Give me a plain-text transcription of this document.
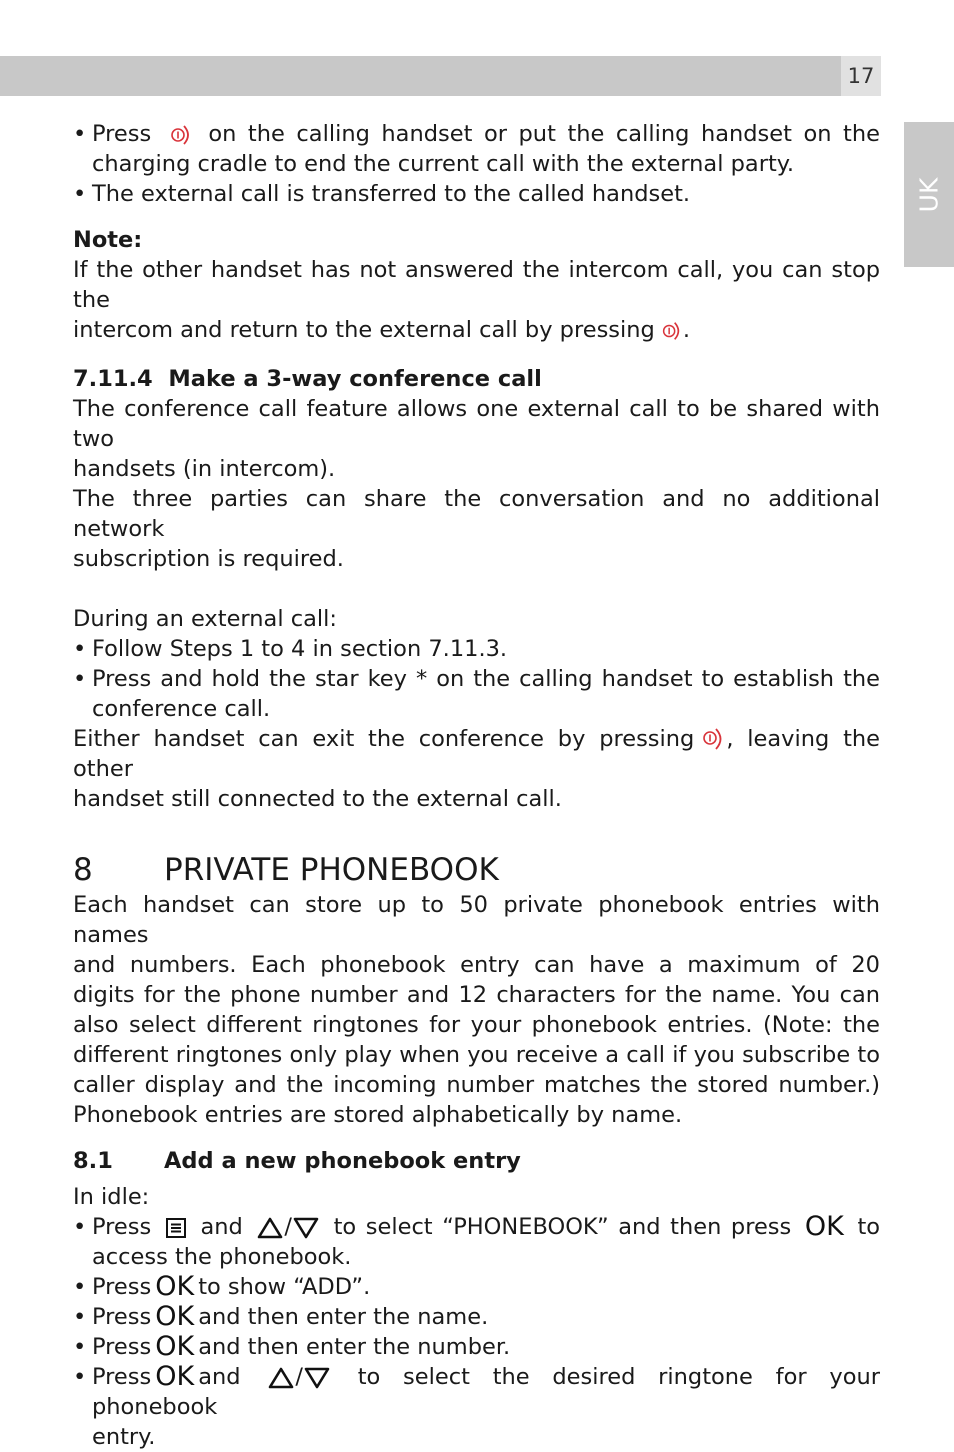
17
UK
• Press	on the calling handset or put the calling handset on the

charging cradle to end the current call with the external party.

• The external call is transferred to the called handset.

Note:

If the other handset has not answered the intercom call, you can stop the

intercom and return to the external call by pressing .

7.11.4 Make a 3-way conference call

The conference call feature allows one external call to be shared with two

handsets (in intercom).

The three parties can share the conversation and no additional network

subscription is required.

During an external call:

• Follow Steps 1 to 4 in section 7.11.3.

• Press and hold the star key * on the calling handset to establish the

conference call.

Either handset can exit the conference by pressing , leaving the other

handset still connected to the external call.

8 PRIVATE PHONEBOOK

Each handset can store up to 50 private phonebook entries with names

and numbers. Each phonebook entry can have a maximum of 20

digits for the phone number and 12 characters for the name. You can

also select different ringtones for your phonebook entries. (Note: the

different ringtones only play when you receive a call if you subscribe to

caller display and the incoming number matches the stored number.)

Phonebook entries are stored alphabetically by name.

8.1 Add a new phonebook entry

In idle:

• Press and / to select “PHONEBOOK” and then press OK to

access the phonebook.

• Press OK to show “ADD”.

• Press OK and then enter the name.

• Press OK and then enter the number.

• Press OK and / to select the desired ringtone for your phonebook

entry.
